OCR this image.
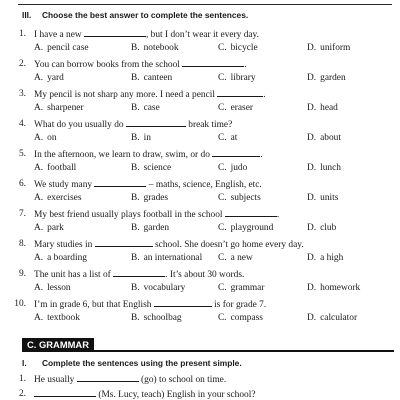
III. Choose the best answer to complete the sentences.
1. I have a new	, but I don’t wear it every day.
A. pencil case	B. notebook	C. bicycle	D. uniform
2. You can borrow books from the school	.
A. yard	B. canteen	C. library	D. garden
3. My pencil is not sharp any more. I need a pencil	.
A. sharpener	B. case	C. eraser	D. head
4. What do you usually do	break time?
A. on	B. in	C. at	D. about
5. In the afternoon, we learn to draw, swim, or do	.
A. football	B. science	C. judo	D. lunch
6. We study many	– maths, science, English, etc.
A. exercises	B. grades	C. subjects	D. units
7. My best friend usually plays football in the school	.
A. park	B. garden	C. playground	D. club
8. Mary studies in	school. She doesn’t go home every day.
A. a boarding	B. an international C. a new	D. a high
9. The unit has a list of	. It’s about 30 words.
A. lesson	B. vocabulary	C. grammar	D. homework
10. I’m in grade 6, but that English	is for grade 7.
A. textbook	B. schoolbag	C. compass	D. calculator
C. GRAMMAR
I. Complete the sentences using the present simple.
1. He usually	(go) to school on time.
2.	(Ms. Lucy, teach) English in your school?
